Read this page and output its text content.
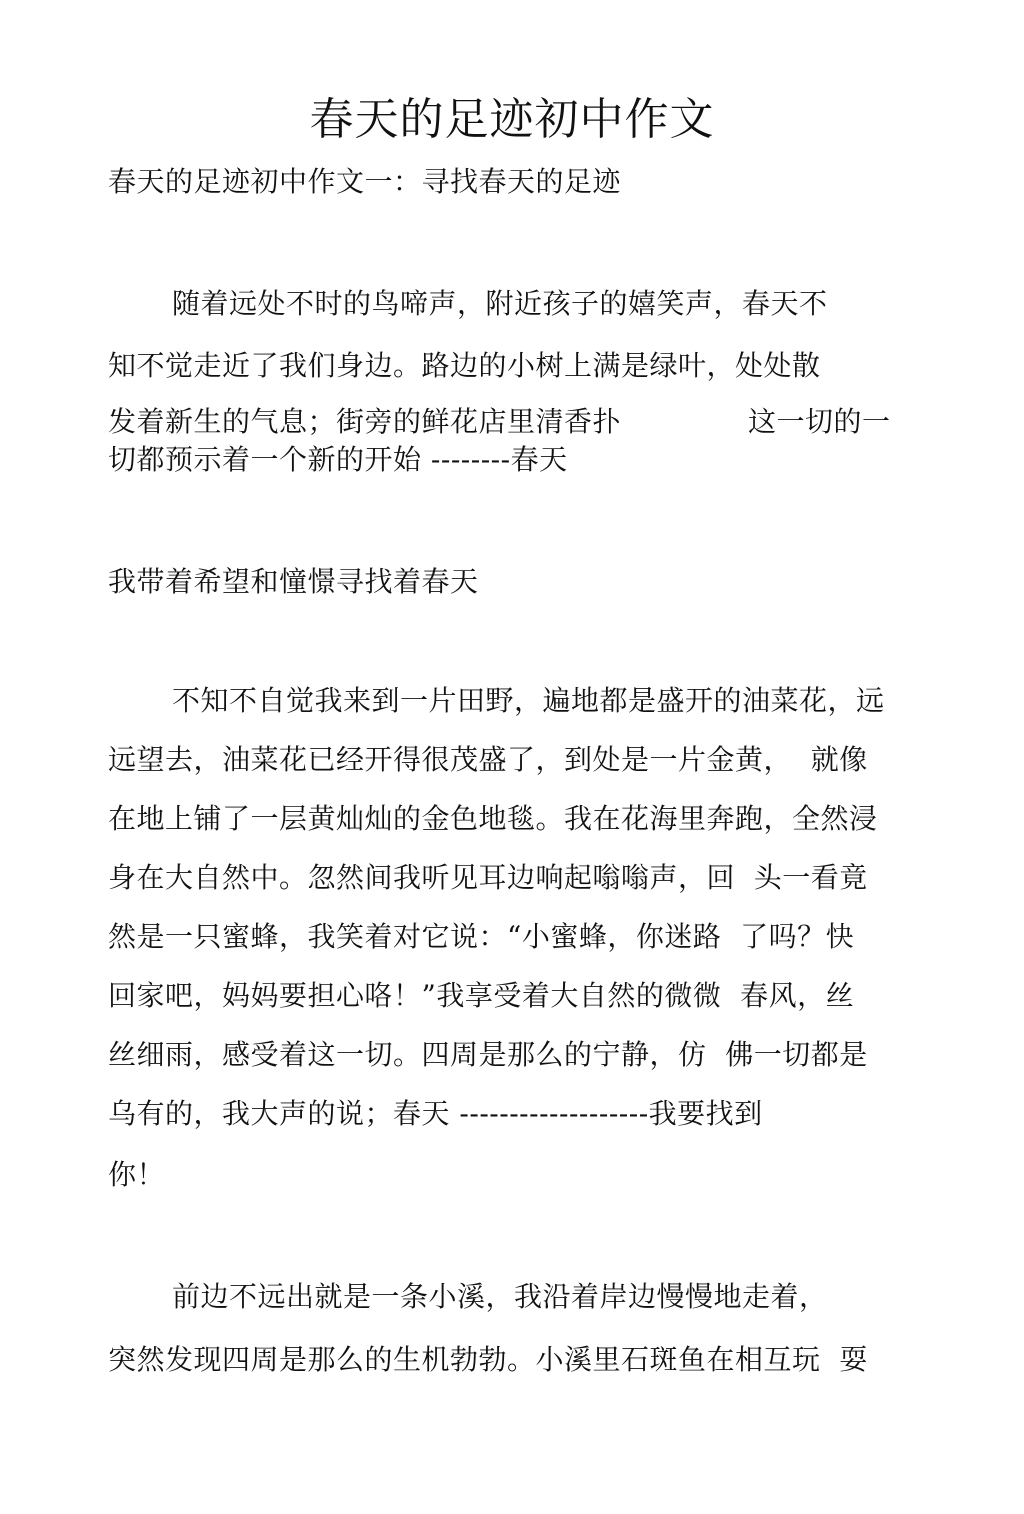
春天的足迹初中作文
春天的足迹初中作文一：寻找春天的足迹
随着远处不时的鸟啼声，附近孩子的嬉笑声，春天不
知不觉走近了我们身边。路边的小树上满是绿叶，处处散
发着新生的气息；街旁的鲜花店里清香扑	这一切的一
切都预示着一个新的开始 --------春天
我带着希望和憧憬寻找着春天
不知不自觉我来到一片田野，遍地都是盛开的油菜花，远
远望去，油菜花已经开得很茂盛了，到处是一片金黄，  就像
在地上铺了一层黄灿灿的金色地毯。我在花海里奔跑，全然浸
身在大自然中。忽然间我听见耳边响起嗡嗡声，回  头一看竟
然是一只蜜蜂，我笑着对它说：“小蜜蜂，你迷路  了吗？快
回家吧，妈妈要担心咯！”我享受着大自然的微微  春风，丝
丝细雨，感受着这一切。四周是那么的宁静，仿  佛一切都是
乌有的，我大声的说；春天 -------------------我要找到
你！
前边不远出就是一条小溪，我沿着岸边慢慢地走着，
突然发现四周是那么的生机勃勃。小溪里石斑鱼在相互玩  耍
